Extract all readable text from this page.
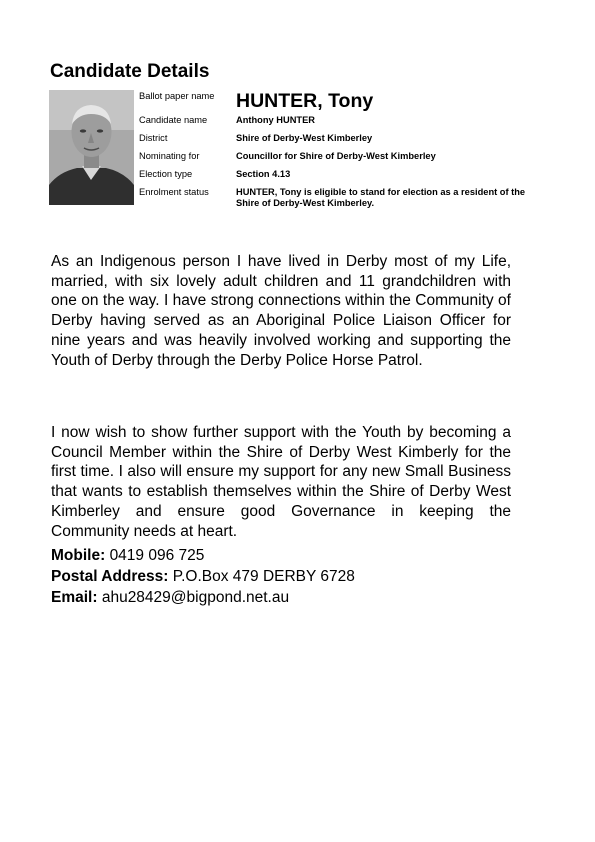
Candidate Details
Ballot paper name	HUNTER, Tony
Candidate name	Anthony HUNTER
District	Shire of Derby-West Kimberley
Nominating for	Councillor for Shire of Derby-West Kimberley
Election type	Section 4.13
Enrolment status	HUNTER, Tony is eligible to stand for election as a resident of the Shire of Derby-West Kimberley.

As an Indigenous person I have lived in Derby most of my Life, married, with six lovely adult children and 11 grandchildren with one on the way. I have strong connections within the Community of Derby having served as an Aboriginal Police Liaison Officer for nine years and was heavily involved working and supporting the Youth of Derby through the Derby Police Horse Patrol.

I now wish to show further support with the Youth by becoming a Council Member within the Shire of Derby West Kimberly for the first time. I also will ensure my support for any new Small Business that wants to establish themselves within the Shire of Derby West Kimberley and ensure good Governance in keeping the Community needs at heart.

Mobile: 0419 096 725
Postal Address: P.O.Box 479 DERBY 6728
Email: ahu28429@bigpond.net.au
